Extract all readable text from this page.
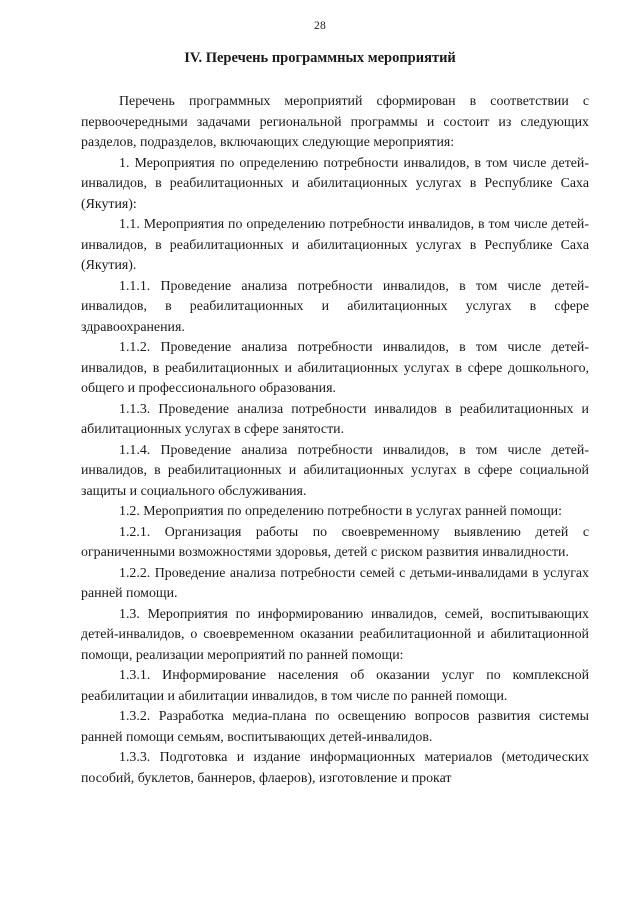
28
IV. Перечень программных мероприятий

Перечень программных мероприятий сформирован в соответствии с первоочередными задачами региональной программы и состоит из следующих разделов, подразделов, включающих следующие мероприятия:

1. Мероприятия по определению потребности инвалидов, в том числе детей-инвалидов, в реабилитационных и абилитационных услугах в Республике Саха (Якутия):

1.1. Мероприятия по определению потребности инвалидов, в том числе детей-инвалидов, в реабилитационных и абилитационных услугах в Республике Саха (Якутия).

1.1.1. Проведение анализа потребности инвалидов, в том числе детей-инвалидов, в реабилитационных и абилитационных услугах в сфере здравоохранения.

1.1.2. Проведение анализа потребности инвалидов, в том числе детей-инвалидов, в реабилитационных и абилитационных услугах в сфере дошкольного, общего и профессионального образования.

1.1.3. Проведение анализа потребности инвалидов в реабилитационных и абилитационных услугах в сфере занятости.

1.1.4. Проведение анализа потребности инвалидов, в том числе детей-инвалидов, в реабилитационных и абилитационных услугах в сфере социальной защиты и социального обслуживания.

1.2. Мероприятия по определению потребности в услугах ранней помощи:

1.2.1. Организация работы по своевременному выявлению детей с ограниченными возможностями здоровья, детей с риском развития инвалидности.

1.2.2. Проведение анализа потребности семей с детьми-инвалидами в услугах ранней помощи.

1.3. Мероприятия по информированию инвалидов, семей, воспитывающих детей-инвалидов, о своевременном оказании реабилитационной и абилитационной помощи, реализации мероприятий по ранней помощи:

1.3.1. Информирование населения об оказании услуг по комплексной реабилитации и абилитации инвалидов, в том числе по ранней помощи.

1.3.2. Разработка медиа-плана по освещению вопросов развития системы ранней помощи семьям, воспитывающих детей-инвалидов.

1.3.3. Подготовка и издание информационных материалов (методических пособий, буклетов, баннеров, флаеров), изготовление и прокат
